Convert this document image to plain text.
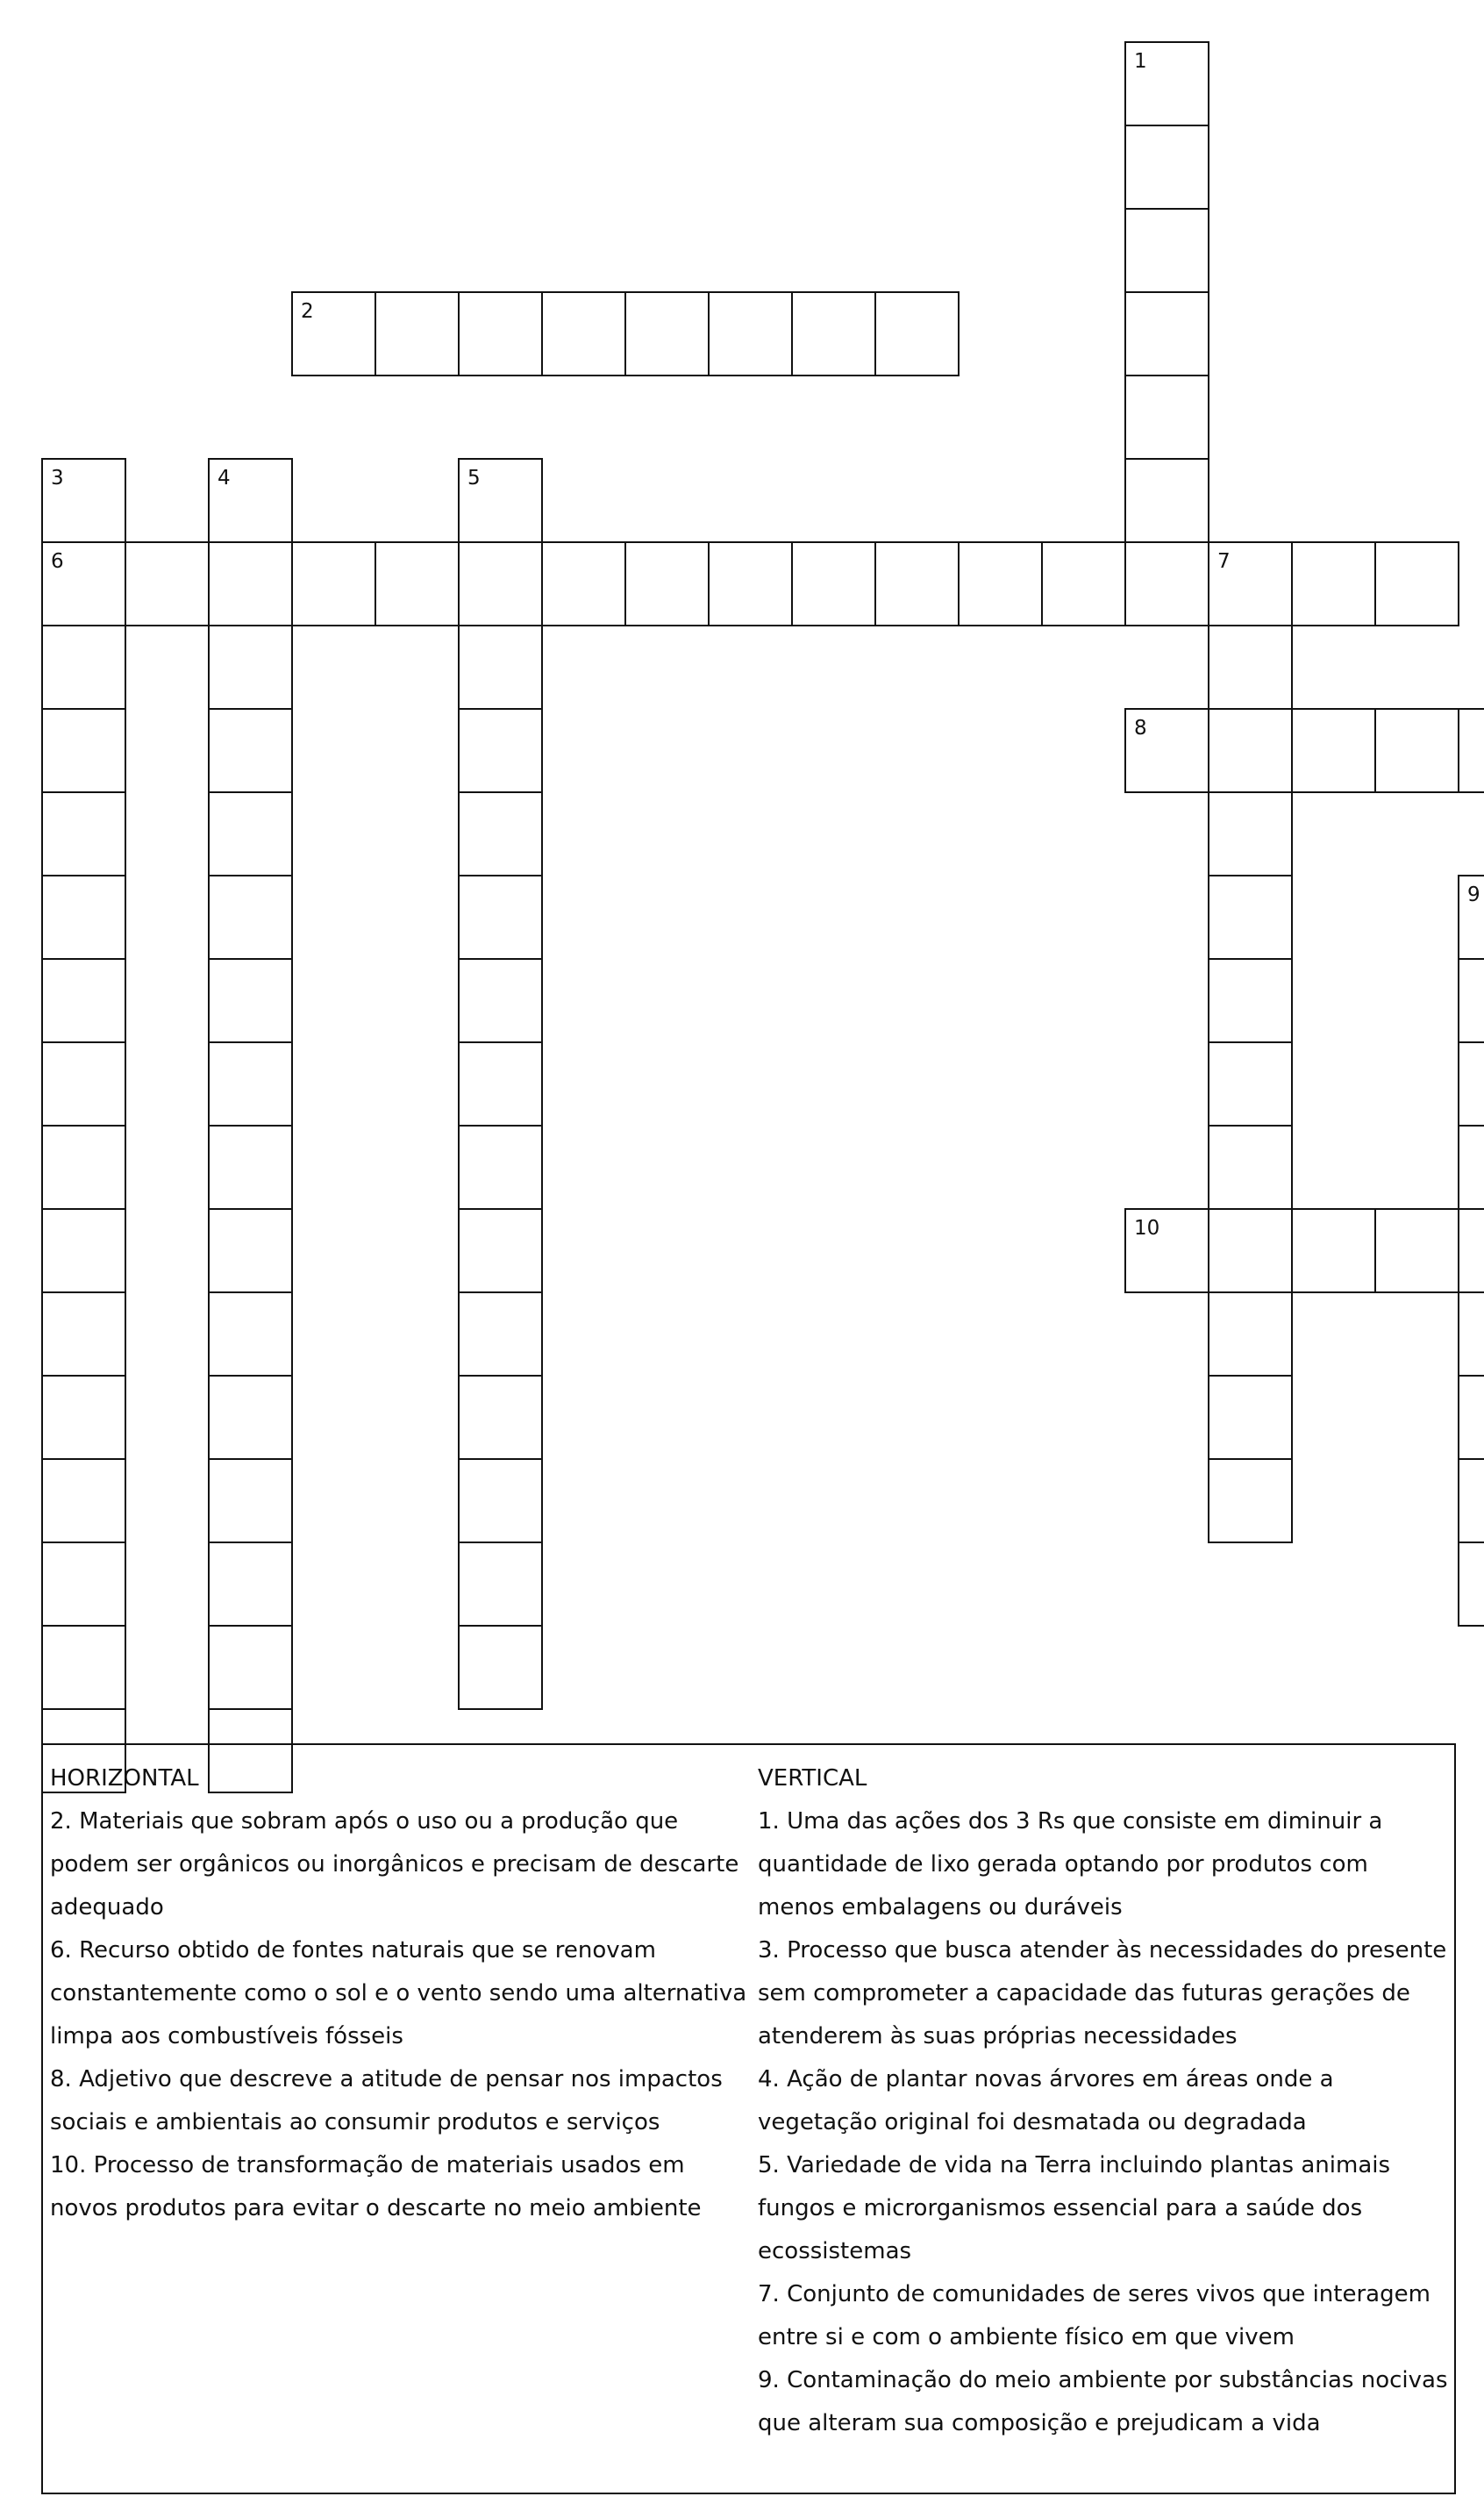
1
2
3
6
4	5
7
8
9
10
HORIZONTAL
2. Materiais que sobram após o uso ou a produção que podem ser orgânicos ou inorgânicos e precisam de descarte adequado
6. Recurso obtido de fontes naturais que se renovam constantemente como o sol e o vento sendo uma alternativa limpa aos combustíveis fósseis
8. Adjetivo que descreve a atitude de pensar nos impactos sociais e ambientais ao consumir produtos e serviços
10. Processo de transformação de materiais usados em novos produtos para evitar o descarte no meio ambiente
VERTICAL
1. Uma das ações dos 3 Rs que consiste em diminuir a quantidade de lixo gerada optando por produtos com menos embalagens ou duráveis
3. Processo que busca atender às necessidades do presente sem comprometer a capacidade das futuras gerações de atenderem às suas próprias necessidades
4. Ação de plantar novas árvores em áreas onde a vegetação original foi desmatada ou degradada
5. Variedade de vida na Terra incluindo plantas animais fungos e microrganismos essencial para a saúde dos ecossistemas
7. Conjunto de comunidades de seres vivos que interagem entre si e com o ambiente físico em que vivem
9. Contaminação do meio ambiente por substâncias nocivas que alteram sua composição e prejudicam a vida
